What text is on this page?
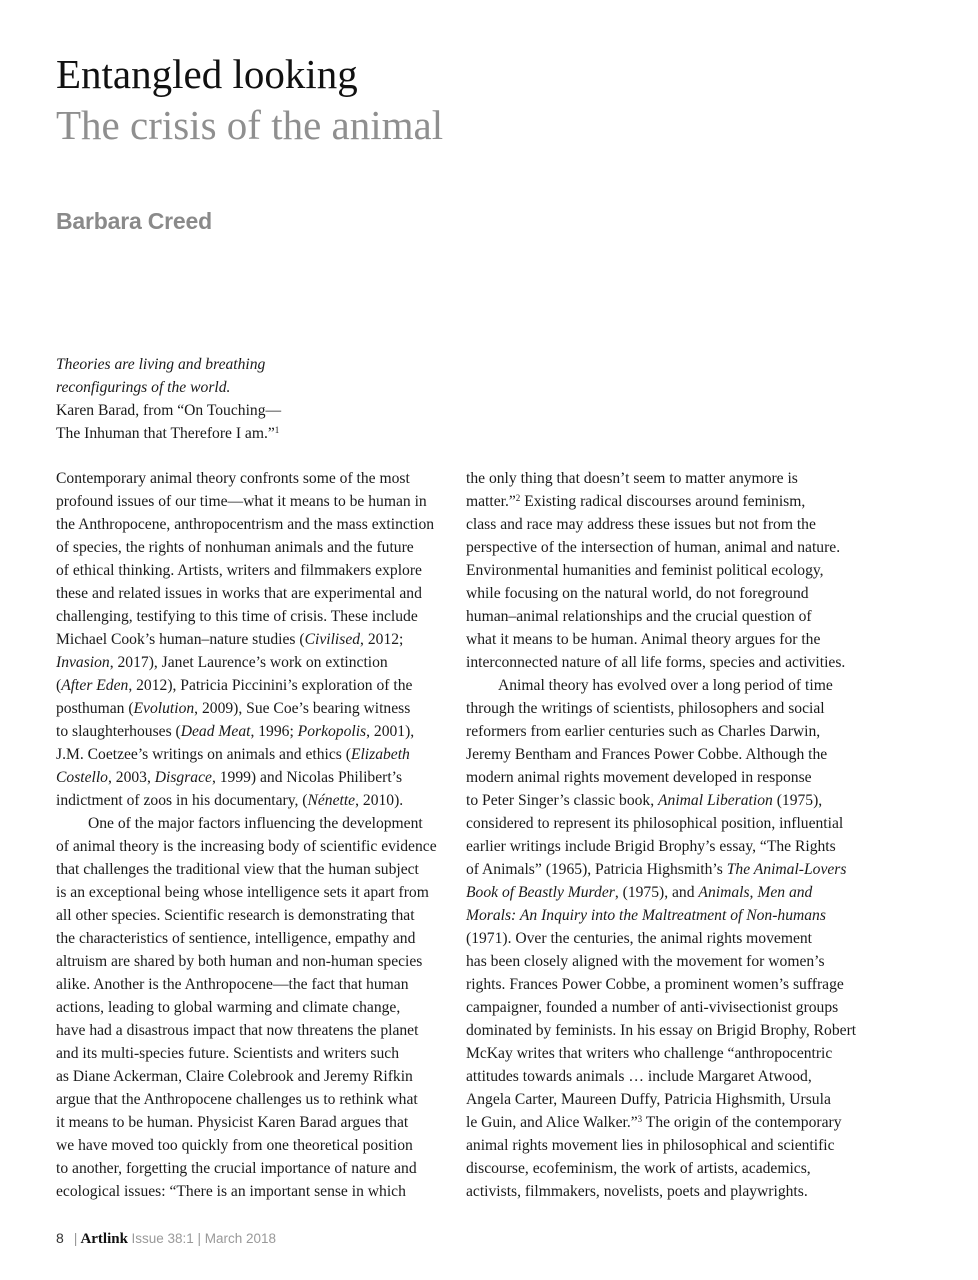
Entangled looking
The crisis of the animal
Barbara Creed
Theories are living and breathing
reconfigurings of the world.
Karen Barad, from “On Touching—
The Inhuman that Therefore I am.”$^1$
Contemporary animal theory confronts some of the most
profound issues of our time—what it means to be human in
the Anthropocene, anthropocentrism and the mass extinction
of species, the rights of nonhuman animals and the future
of ethical thinking. Artists, writers and filmmakers explore
these and related issues in works that are experimental and
challenging, testifying to this time of crisis. These include
Michael Cook’s human–nature studies (Civilised, 2012;
Invasion, 2017), Janet Laurence’s work on extinction
(After Eden, 2012), Patricia Piccinini’s exploration of the
posthuman (Evolution, 2009), Sue Coe’s bearing witness
to slaughterhouses (Dead Meat, 1996; Porkopolis, 2001),
J.M. Coetzee’s writings on animals and ethics (Elizabeth
Costello, 2003, Disgrace, 1999) and Nicolas Philibert’s
indictment of zoos in his documentary, (Nénette, 2010).
One of the major factors influencing the development
of animal theory is the increasing body of scientific evidence
that challenges the traditional view that the human subject
is an exceptional being whose intelligence sets it apart from
all other species. Scientific research is demonstrating that
the characteristics of sentience, intelligence, empathy and
altruism are shared by both human and non-human species
alike. Another is the Anthropocene—the fact that human
actions, leading to global warming and climate change,
have had a disastrous impact that now threatens the planet
and its multi-species future. Scientists and writers such
as Diane Ackerman, Claire Colebrook and Jeremy Rifkin
argue that the Anthropocene challenges us to rethink what
it means to be human. Physicist Karen Barad argues that
we have moved too quickly from one theoretical position
to another, forgetting the crucial importance of nature and
ecological issues: “There is an important sense in which
the only thing that doesn’t seem to matter anymore is
matter.”$^2$ Existing radical discourses around feminism,
class and race may address these issues but not from the
perspective of the intersection of human, animal and nature.
Environmental humanities and feminist political ecology,
while focusing on the natural world, do not foreground
human–animal relationships and the crucial question of
what it means to be human. Animal theory argues for the
interconnected nature of all life forms, species and activities.
Animal theory has evolved over a long period of time
through the writings of scientists, philosophers and social
reformers from earlier centuries such as Charles Darwin,
Jeremy Bentham and Frances Power Cobbe. Although the
modern animal rights movement developed in response
to Peter Singer’s classic book, Animal Liberation (1975),
considered to represent its philosophical position, influential
earlier writings include Brigid Brophy’s essay, “The Rights
of Animals” (1965), Patricia Highsmith’s The Animal-Lovers
Book of Beastly Murder, (1975), and Animals, Men and
Morals: An Inquiry into the Maltreatment of Non-humans
(1971). Over the centuries, the animal rights movement
has been closely aligned with the movement for women’s
rights. Frances Power Cobbe, a prominent women’s suffrage
campaigner, founded a number of anti-vivisectionist groups
dominated by feminists. In his essay on Brigid Brophy, Robert
McKay writes that writers who challenge “anthropocentric
attitudes towards animals … include Margaret Atwood,
Angela Carter, Maureen Duffy, Patricia Highsmith, Ursula
le Guin, and Alice Walker.”$^3$ The origin of the contemporary
animal rights movement lies in philosophical and scientific
discourse, ecofeminism, the work of artists, academics,
activists, filmmakers, novelists, poets and playwrights.
8 | Artlink Issue 38:1 | March 2018
